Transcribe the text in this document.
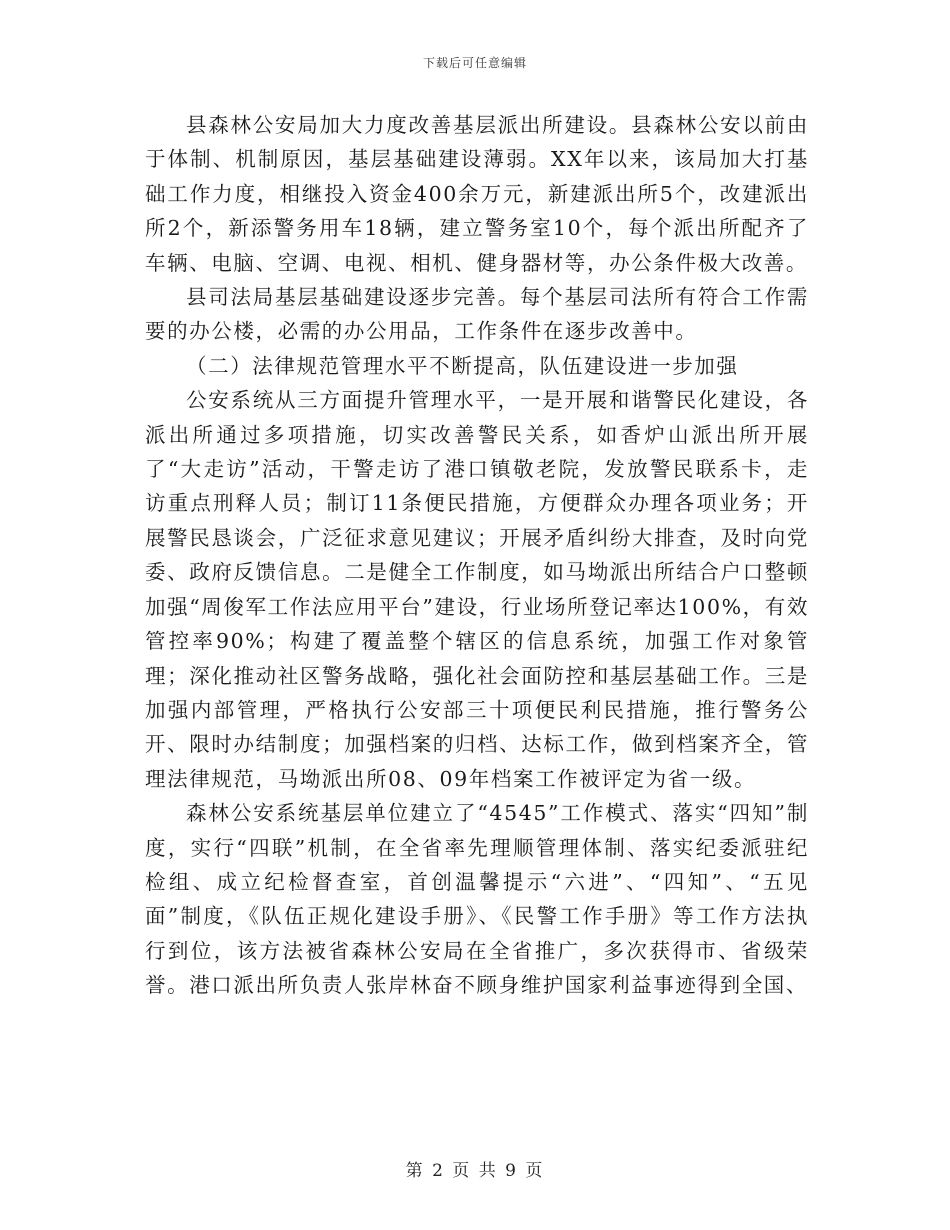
下载后可任意编辑

县森林公安局加大力度改善基层派出所建设。县森林公安以前由于体制、机制原因，基层基础建设薄弱。XX年以来，该局加大打基础工作力度，相继投入资金400余万元，新建派出所5个，改建派出所2个，新添警务用车18辆，建立警务室10个，每个派出所配齐了车辆、电脑、空调、电视、相机、健身器材等，办公条件极大改善。

县司法局基层基础建设逐步完善。每个基层司法所有符合工作需要的办公楼，必需的办公用品，工作条件在逐步改善中。

（二）法律规范管理水平不断提高，队伍建设进一步加强

公安系统从三方面提升管理水平，一是开展和谐警民化建设，各派出所通过多项措施，切实改善警民关系，如香炉山派出所开展了“大走访”活动，干警走访了港口镇敬老院，发放警民联系卡，走访重点刑释人员；制订11条便民措施，方便群众办理各项业务；开展警民恳谈会，广泛征求意见建议；开展矛盾纠纷大排查，及时向党委、政府反馈信息。二是健全工作制度，如马坳派出所结合户口整顿加强“周俊军工作法应用平台”建设，行业场所登记率达100%，有效管控率90%；构建了覆盖整个辖区的信息系统，加强工作对象管理；深化推动社区警务战略，强化社会面防控和基层基础工作。三是加强内部管理，严格执行公安部三十项便民利民措施，推行警务公开、限时办结制度；加强档案的归档、达标工作，做到档案齐全，管理法律规范，马坳派出所08、09年档案工作被评定为省一级。

森林公安系统基层单位建立了“4545”工作模式、落实“四知”制度，实行“四联”机制，在全省率先理顺管理体制、落实纪委派驻纪检组、成立纪检督查室，首创温馨提示“六进”、“四知”、“五见面”制度，《队伍正规化建设手册》、《民警工作手册》等工作方法执行到位，该方法被省森林公安局在全省推广，多次获得市、省级荣誉。港口派出所负责人张岸林奋不顾身维护国家利益事迹得到全国、

第 2 页 共 9 页
